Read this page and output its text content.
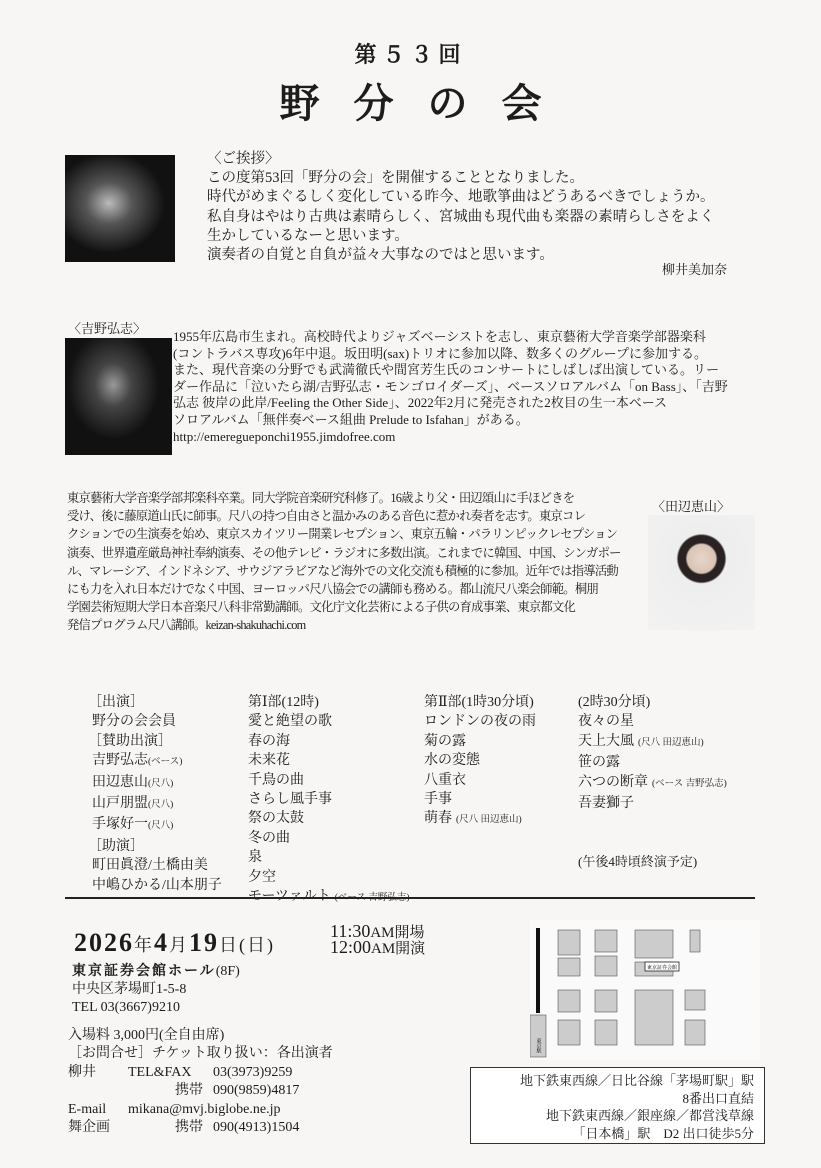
第５３回
野分の会
〈ご挨拶〉
この度第53回「野分の会」を開催することとなりました。
時代がめまぐるしく変化している昨今、地歌箏曲はどうあるべきでしょうか。
私自身はやはり古典は素晴らしく、宮城曲も現代曲も楽器の素晴らしさをよく
生かしているなーと思います。
演奏者の自覚と自負が益々大事なのではと思います。
柳井美加奈
〈吉野弘志〉
1955年広島市生まれ。高校時代よりジャズベーシストを志し、東京藝術大学音楽学部器楽科
(コントラバス専攻)6年中退。坂田明(sax)トリオに参加以降、数多くのグループに参加する。
また、現代音楽の分野でも武満徹氏や間宮芳生氏のコンサートにしばしば出演している。リー
ダー作品に「泣いたら湖/吉野弘志・モンゴロイダーズ」、ベースソロアルバム「on Bass」、「吉野
弘志 彼岸の此岸/Feeling the Other Side」、2022年2月に発売された2枚目の生一本ベース
ソロアルバム「無伴奏ベース組曲 Prelude to Isfahan」がある。
http://emeregueponchi1955.jimdofree.com
東京藝術大学音楽学部邦楽科卒業。同大学院音楽研究科修了。16歳より父・田辺頌山に手ほどきを
受け、後に藤原道山氏に師事。尺八の持つ自由さと温かみのある音色に惹かれ奏者を志す。東京コレ
クションでの生演奏を始め、東京スカイツリー開業レセプション、東京五輪・パラリンピックレセプション
演奏、世界遺産厳島神社奉納演奏、その他テレビ・ラジオに多数出演。これまでに韓国、中国、シンガポー
ル、マレーシア、インドネシア、サウジアラビアなど海外での文化交流も積極的に参加。近年では指導活動
にも力を入れ日本だけでなく中国、ヨーロッパ尺八協会での講師も務める。都山流尺八楽会師範。桐朋
学園芸術短期大学日本音楽尺八科非常勤講師。文化庁文化芸術による子供の育成事業、東京都文化
発信プログラム尺八講師。keizan-shakuhachi.com
〈田辺恵山〉
［出演］
野分の会会員
［賛助出演］
吉野弘志(ベース)
田辺恵山(尺八)
山戸朋盟(尺八)
手塚好一(尺八)
［助演］
町田眞澄/土橋由美
中嶋ひかる/山本朋子
第Ⅰ部(12時)
愛と絶望の歌
春の海
未来花
千鳥の曲
さらし風手事
祭の太鼓
冬の曲
泉
夕空
第Ⅱ部(1時30分頃)
ロンドンの夜の雨
菊の露
水の変態
八重衣
手事
萌春 (尺八 田辺恵山)
(2時30分頃)
夜々の星
天上大風 (尺八 田辺恵山)
笹の露
六つの断章 (ベース 吉野弘志)
吾妻獅子
(午後4時頃終演予定)
2026年4月19日(日)
11:30AM開場
12:00AM開演
東京証券会館ホール(8F)
中央区茅場町1-5-8
TEL 03(3667)9210
入場料 3,000円(全自由席)
［お問合せ］チケット取り扱い：各出演者
柳井 TEL&FAX 03(3973)9259
携帯 090(9859)4817
E-mail mikana@mvj.biglobe.ne.jp
舞企画	携帯 090(4913)1504
東京証券会館
東京駅
地下鉄東西線／日比谷線「茅場町駅」駅
8番出口直結
地下鉄東西線／銀座線／都営浅草線
「日本橋」駅　D2 出口徒歩5分
